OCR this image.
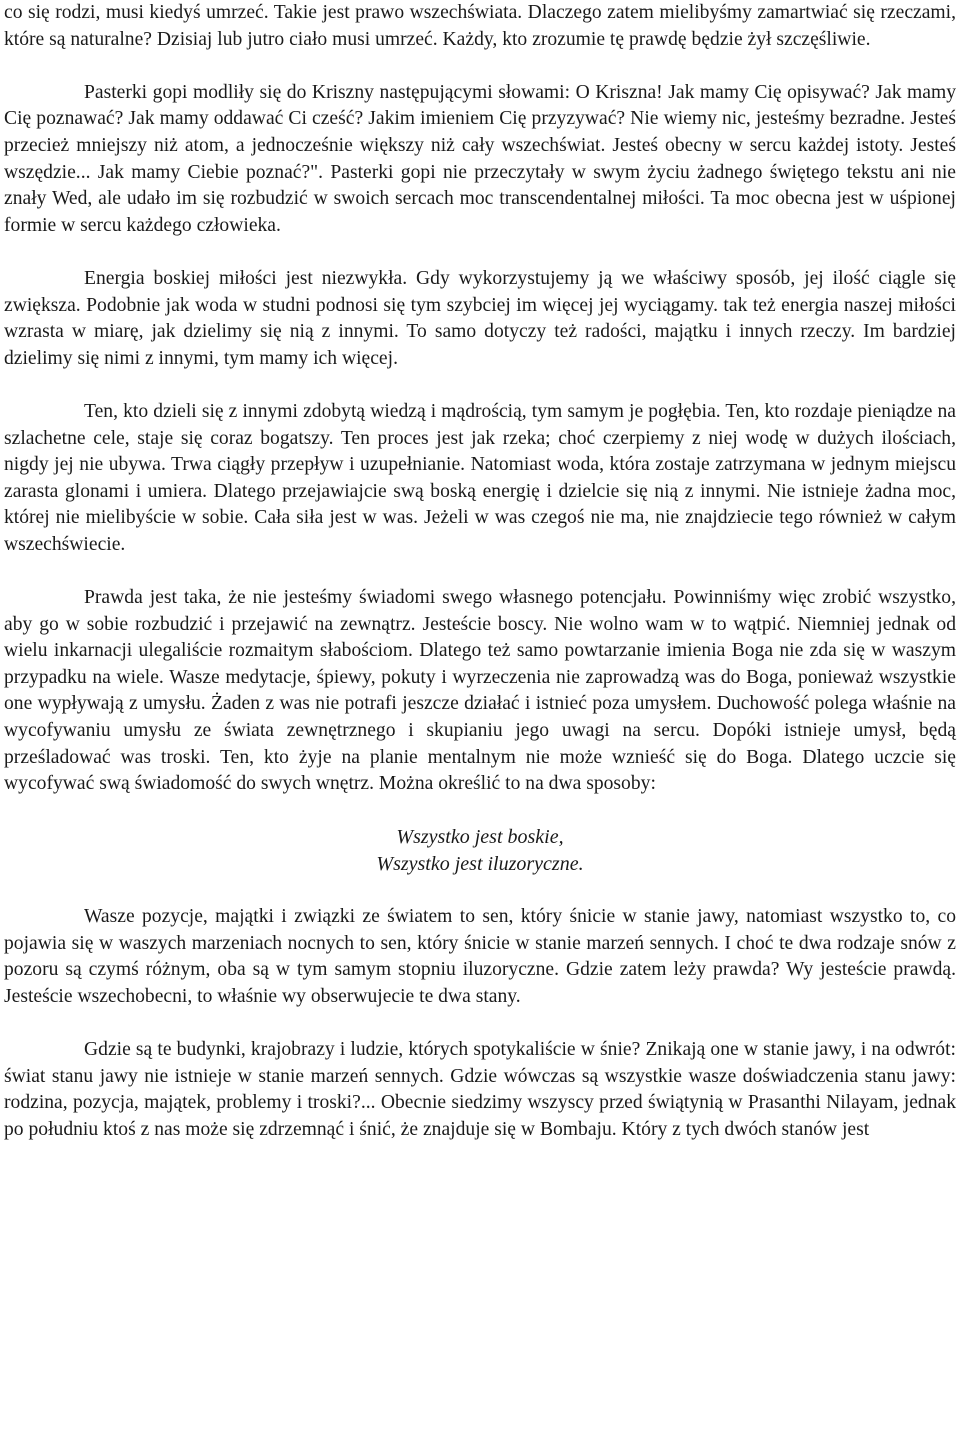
co się rodzi, musi kiedyś umrzeć. Takie jest prawo wszechświata. Dlaczego zatem mielibyśmy zamartwiać się rzeczami, które są naturalne? Dzisiaj lub jutro ciało musi umrzeć. Każdy, kto zrozumie tę prawdę będzie żył szczęśliwie.

Pasterki gopi modliły się do Kriszny następującymi słowami: O Krisznа! Jak mamy Cię opisywać? Jak mamy Cię poznawać? Jak mamy oddawać Ci cześć? Jakim imieniem Cię przyzywać? Nie wiemy nic, jesteśmy bezradne. Jesteś przecież mniejszy niż atom, a jednocześnie większy niż cały wszechświat. Jesteś obecny w sercu każdej istoty. Jesteś wszędzie... Jak mamy Ciebie poznać?". Pasterki gopi nie przeczytały w swym życiu żadnego świętego tekstu ani nie znały Wed, ale udało im się rozbudzić w swoich sercach moc transcendentalnej miłości. Ta moc obecna jest w uśpionej formie w sercu każdego człowieka.

Energia boskiej miłości jest niezwykła. Gdy wykorzystujemy ją we właściwy sposób, jej ilość ciągle się zwiększa. Podobnie jak woda w studni podnosi się tym szybciej im więcej jej wyciągamy. tak też energia naszej miłości wzrasta w miarę, jak dzielimy się nią z innymi. To samo dotyczy też radości, majątku i innych rzeczy. Im bardziej dzielimy się nimi z innymi, tym mamy ich więcej.

Ten, kto dzieli się z innymi zdobytą wiedzą i mądrością, tym samym je pogłębia. Ten, kto rozdaje pieniądze na szlachetne cele, staje się coraz bogatszy. Ten proces jest jak rzeka; choć czerpiemy z niej wodę w dużych ilościach, nigdy jej nie ubywa. Trwa ciągły przepływ i uzupełnianie. Natomiast woda, która zostaje zatrzymana w jednym miejscu zarasta glonami i umiera. Dlatego przejawiajcie swą boską energię i dzielcie się nią z innymi. Nie istnieje żadna moc, której nie mielibyście w sobie. Cała siła jest w was. Jeżeli w was czegoś nie ma, nie znajdziecie tego również w całym wszechświecie.

Prawda jest taka, że nie jesteśmy świadomi swego własnego potencjału. Powinniśmy więc zrobić wszystko, aby go w sobie rozbudzić i przejawić na zewnątrz. Jesteście boscy. Nie wolno wam w to wątpić. Niemniej jednak od wielu inkarnacji ulegaliście rozmaitym słabościom. Dlatego też samo powtarzanie imienia Boga nie zda się w waszym przypadku na wiele. Wasze medytacje, śpiewy, pokuty i wyrzeczenia nie zaprowadzą was do Boga, ponieważ wszystkie one wypływają z umysłu. Żaden z was nie potrafi jeszcze działać i istnieć poza umysłem. Duchowość polega właśnie na wycofywaniu umysłu ze świata zewnętrznego i skupianiu jego uwagi na sercu. Dopóki istnieje umysł, będą prześladować was troski. Ten, kto żyje na planie mentalnym nie może wznieść się do Boga. Dlatego uczcie się wycofywać swą świadomość do swych wnętrz. Można określić to na dwa sposoby:

Wszystko jest boskie,

Wszystko jest iluzoryczne.

Wasze pozycje, majątki i związki ze światem to sen, który śnicie w stanie jawy, natomiast wszystko to, co pojawia się w waszych marzeniach nocnych to sen, który śnicie w stanie marzeń sennych. I choć te dwa rodzaje snów z pozoru są czymś różnym, oba są w tym samym stopniu iluzoryczne. Gdzie zatem leży prawda? Wy jesteście prawdą. Jesteście wszechobecni, to właśnie wy obserwujecie te dwa stany.

Gdzie są te budynki, krajobrazy i ludzie, których spotykaliście w śnie? Znikają one w stanie jawy, i na odwrót: świat stanu jawy nie istnieje w stanie marzeń sennych. Gdzie wówczas są wszystkie wasze doświadczenia stanu jawy: rodzina, pozycja, majątek, problemy i troski?... Obecnie siedzimy wszyscy przed świątynią w Prasanthi Nilayam, jednak po południu ktoś z nas może się zdrzemnąć i śnić, że znajduje się w Bombaju. Który z tych dwóch stanów jest
